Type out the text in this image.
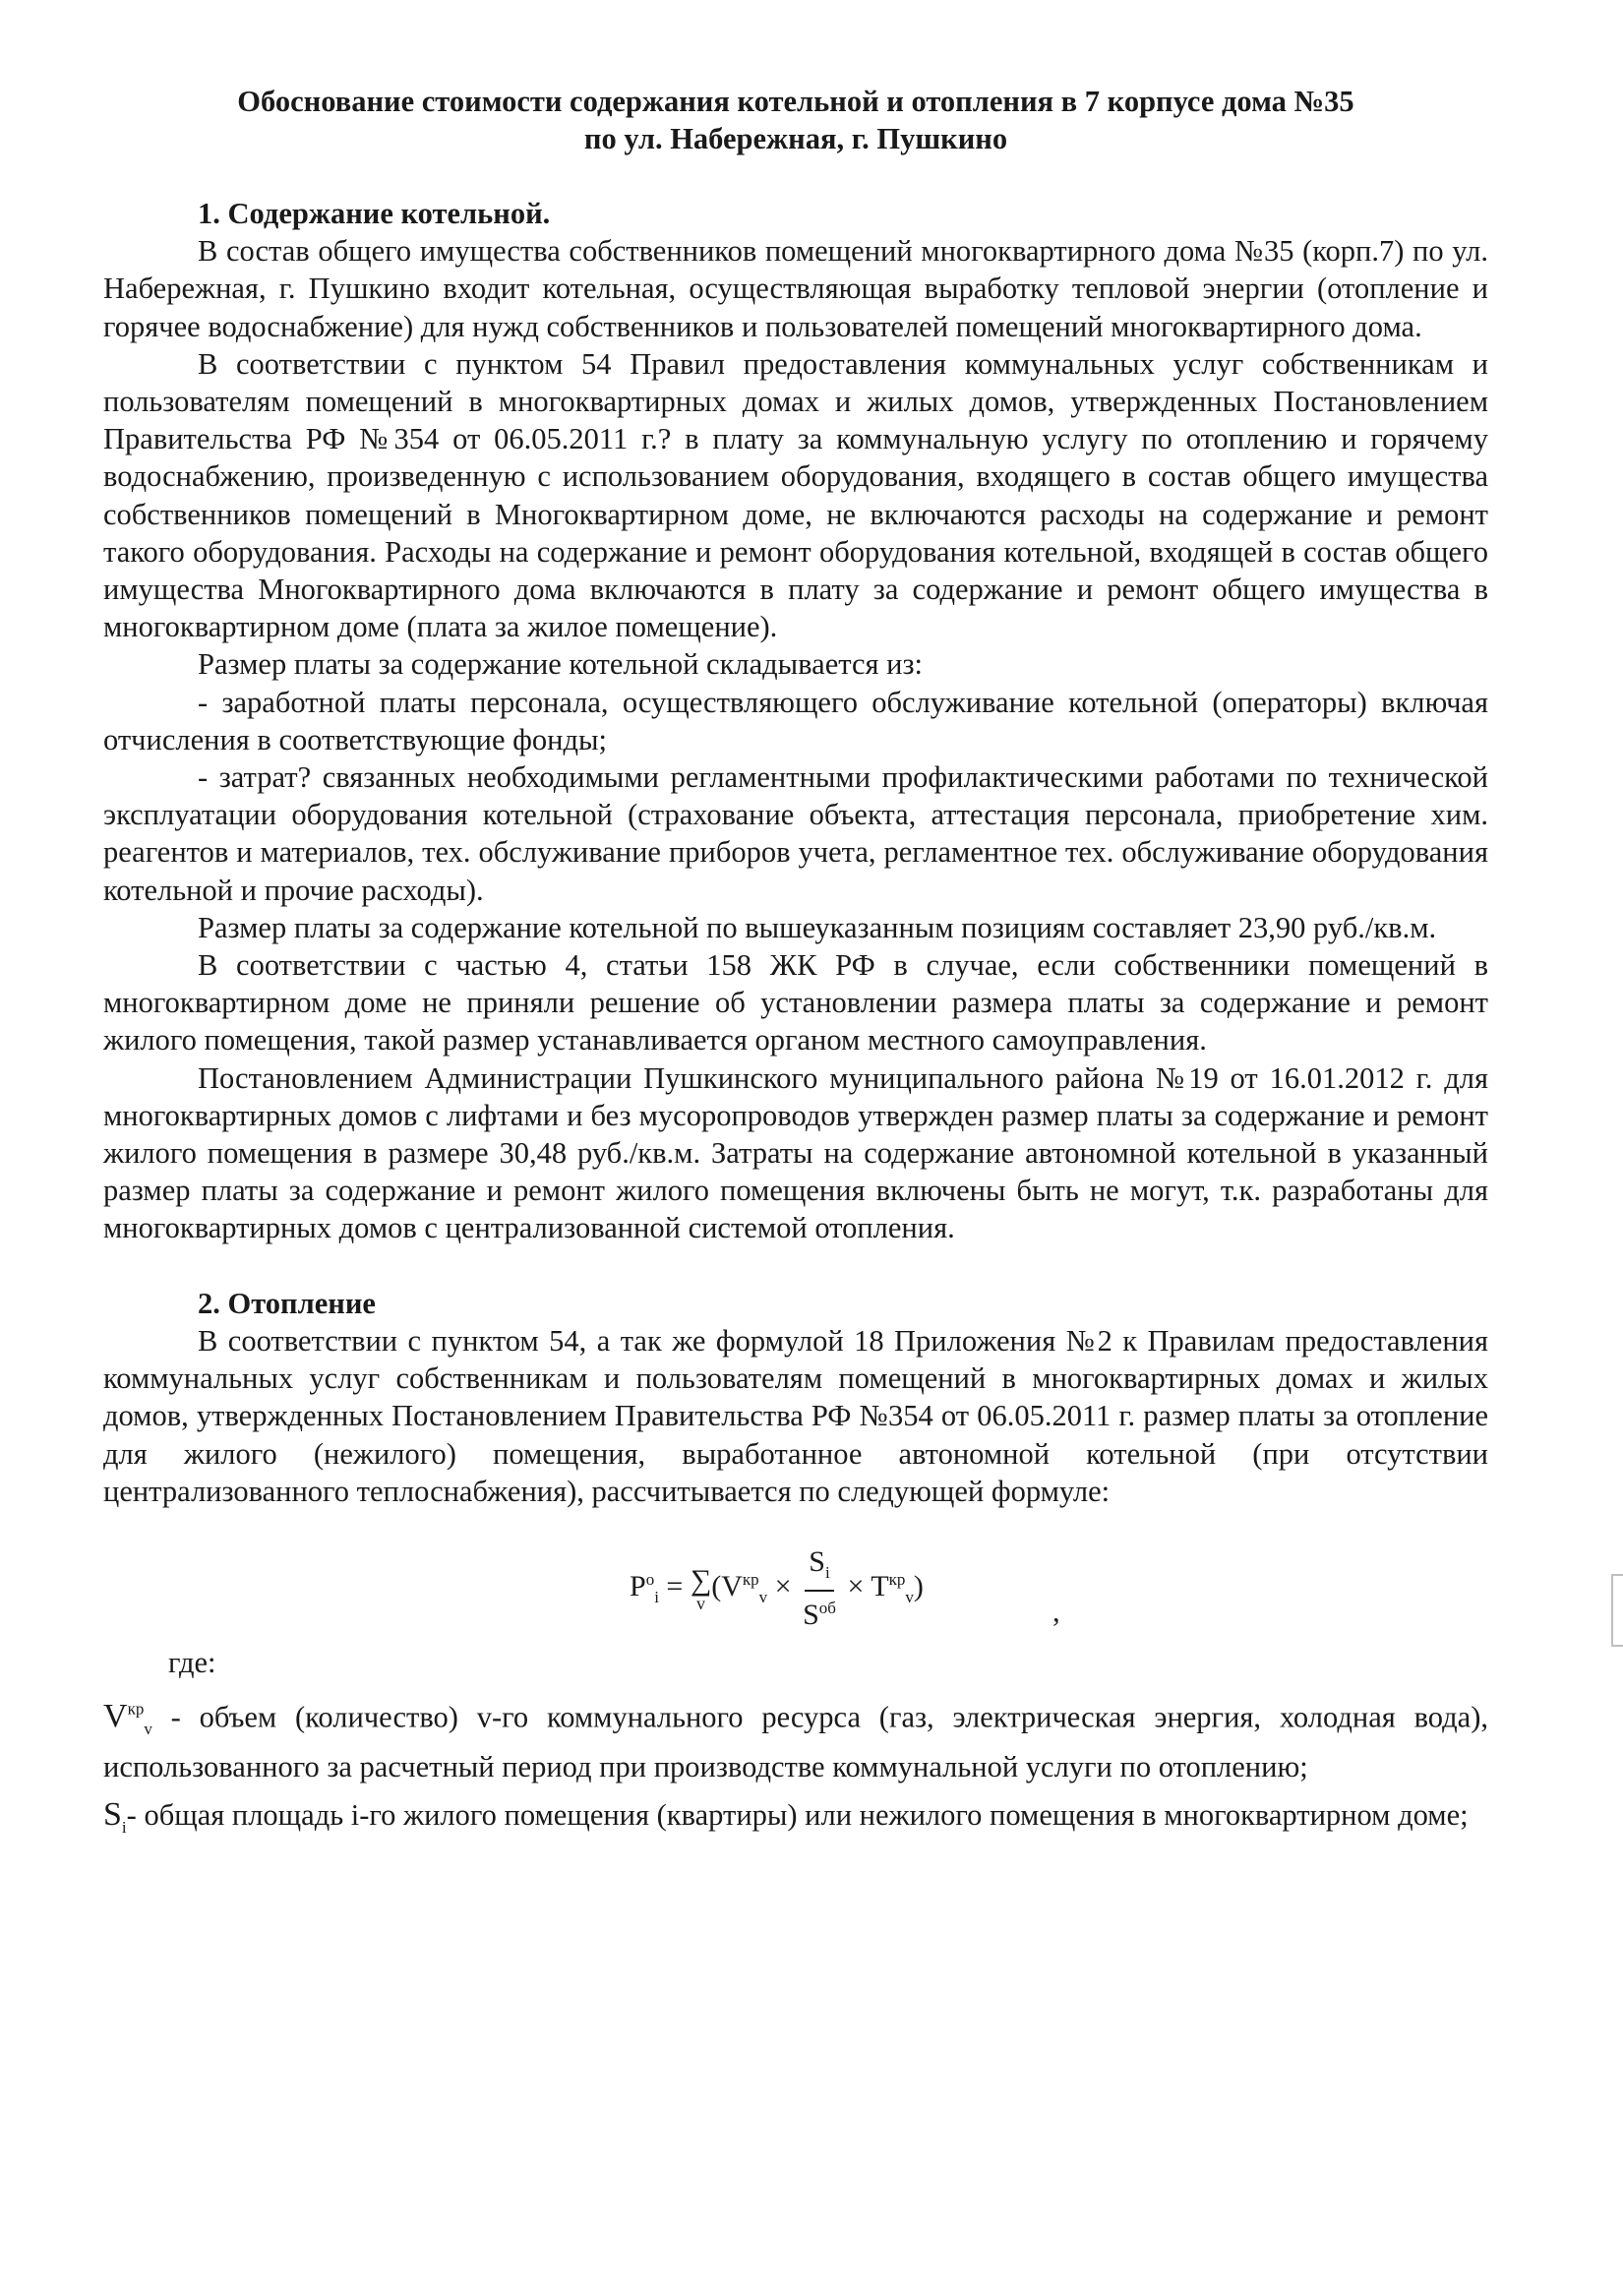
Обоснование стоимости содержания котельной и отопления в 7 корпусе дома №35
по ул. Набережная, г. Пушкино

1. Содержание котельной.

В состав общего имущества собственников помещений многоквартирного дома №35 (корп.7) по ул. Набережная, г. Пушкино входит котельная, осуществляющая выработку тепловой энергии (отопление и горячее водоснабжение) для нужд собственников и пользователей помещений многоквартирного дома.

В соответствии с пунктом 54 Правил предоставления коммунальных услуг собственникам и пользователям помещений в многоквартирных домах и жилых домов, утвержденных Постановлением Правительства РФ №354 от 06.05.2011 г.? в плату за коммунальную услугу по отоплению и горячему водоснабжению, произведенную с использованием оборудования, входящего в состав общего имущества собственников помещений в Многоквартирном доме, не включаются расходы на содержание и ремонт такого оборудования. Расходы на содержание и ремонт оборудования котельной, входящей в состав общего имущества Многоквартирного дома включаются в плату за содержание и ремонт общего имущества в многоквартирном доме (плата за жилое помещение).

Размер платы за содержание котельной складывается из:

- заработной платы персонала, осуществляющего обслуживание котельной (операторы) включая отчисления в соответствующие фонды;

- затрат? связанных необходимыми регламентными профилактическими работами по технической эксплуатации оборудования котельной (страхование объекта, аттестация персонала, приобретение хим. реагентов и материалов, тех. обслуживание приборов учета, регламентное тех. обслуживание оборудования котельной и прочие расходы).

Размер платы за содержание котельной по вышеуказанным позициям составляет 23,90 руб./кв.м.

В соответствии с частью 4, статьи 158 ЖК РФ в случае, если собственники помещений в многоквартирном доме не приняли решение об установлении размера платы за содержание и ремонт жилого помещения, такой размер устанавливается органом местного самоуправления.

Постановлением Администрации Пушкинского муниципального района №19 от 16.01.2012 г. для многоквартирных домов с лифтами и без мусоропроводов утвержден размер платы за содержание и ремонт жилого помещения в размере 30,48 руб./кв.м. Затраты на содержание автономной котельной в указанный размер платы за содержание и ремонт жилого помещения включены быть не могут, т.к. разработаны для многоквартирных домов с централизованной системой отопления.

2. Отопление

В соответствии с пунктом 54, а так же формулой 18 Приложения №2 к Правилам предоставления коммунальных услуг собственникам и пользователям помещений в многоквартирных домах и жилых домов, утвержденных Постановлением Правительства РФ №354 от 06.05.2011 г. размер платы за отопление для жилого (нежилого) помещения, выработанное автономной котельной (при отсутствии централизованного теплоснабжения), рассчитывается по следующей формуле:

$P^o_i$ = ∑
v
$(V^{кр}_v \times \frac{S_i}{S^{об}} \times T^{кр}_v)$
,

где:

$V^{кр}_v$ - объем (количество) v-го коммунального ресурса (газ, электрическая энергия, холодная вода), использованного за расчетный период при производстве коммунальной услуги по отоплению;

$S_i-$ общая площадь i-го жилого помещения (квартиры) или нежилого помещения в многоквартирном доме;
